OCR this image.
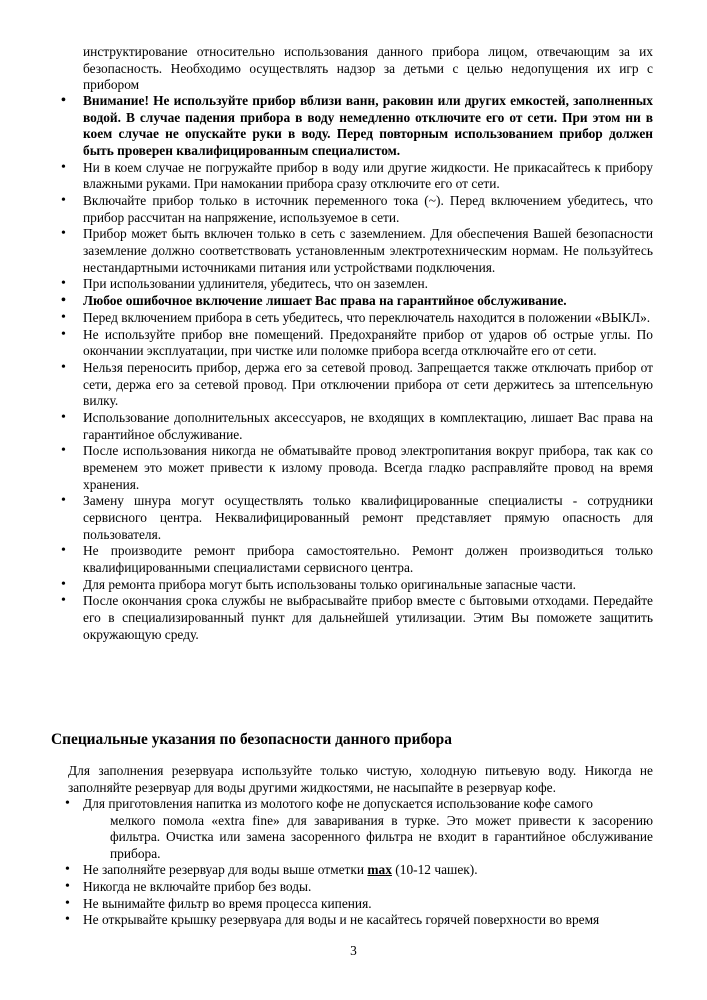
инструктирование относительно использования данного прибора лицом, отвечающим за их безопасность. Необходимо осуществлять надзор за детьми с целью недопущения их игр с прибором
• Внимание! Не используйте прибор вблизи ванн, раковин или других емкостей, заполненных водой. В случае падения прибора в воду немедленно отключите его от сети. При этом ни в коем случае не опускайте руки в воду. Перед повторным использованием прибор должен быть проверен квалифицированным специалистом.
• Ни в коем случае не погружайте прибор в воду или другие жидкости. Не прикасайтесь к прибору влажными руками. При намокании прибора сразу отключите его от сети.
• Включайте прибор только в источник переменного тока (~). Перед включением убедитесь, что прибор рассчитан на напряжение, используемое в сети.
• Прибор может быть включен только в сеть с заземлением. Для обеспечения Вашей безопасности заземление должно соответствовать установленным электротехническим нормам. Не пользуйтесь нестандартными источниками питания или устройствами подключения.
• При использовании удлинителя, убедитесь, что он заземлен.
• Любое ошибочное включение лишает Вас права на гарантийное обслуживание.
• Перед включением прибора в сеть убедитесь, что переключатель находится в положении «ВЫКЛ».
• Не используйте прибор вне помещений. Предохраняйте прибор от ударов об острые углы. По окончании эксплуатации, при чистке или поломке прибора всегда отключайте его от сети.
• Нельзя переносить прибор, держа его за сетевой провод. Запрещается также отключать прибор от сети, держа его за сетевой провод. При отключении прибора от сети держитесь за штепсельную вилку.
• Использование дополнительных аксессуаров, не входящих в комплектацию, лишает Вас права на гарантийное обслуживание.
• После использования никогда не обматывайте провод электропитания вокруг прибора, так как со временем это может привести к излому провода. Всегда гладко расправляйте провод на время хранения.
• Замену шнура могут осуществлять только квалифицированные специалисты - сотрудники сервисного центра. Неквалифицированный ремонт представляет прямую опасность для пользователя.
• Не производите ремонт прибора самостоятельно. Ремонт должен производиться только квалифицированными специалистами сервисного центра.
• Для ремонта прибора могут быть использованы только оригинальные запасные части.
• После окончания срока службы не выбрасывайте прибор вместе с бытовыми отходами. Передайте его в специализированный пункт для дальнейшей утилизации. Этим Вы поможете защитить окружающую среду.
Специальные указания по безопасности данного прибора
Для заполнения резервуара используйте только чистую, холодную питьевую воду. Никогда не заполняйте резервуар для воды другими жидкостями, не насыпайте в резервуар кофе.
• Для приготовления напитка из молотого кофе не допускается использование кофе самого
мелкого помола «extra fine» для заваривания в турке. Это может привести к засорению фильтра. Очистка или замена засоренного фильтра не входит в гарантийное обслуживание прибора.
• Не заполняйте резервуар для воды выше отметки max (10-12 чашек).
• Никогда не включайте прибор без воды.
• Не вынимайте фильтр во время процесса кипения.
• Не открывайте крышку резервуара для воды и не касайтесь горячей поверхности во время
3
